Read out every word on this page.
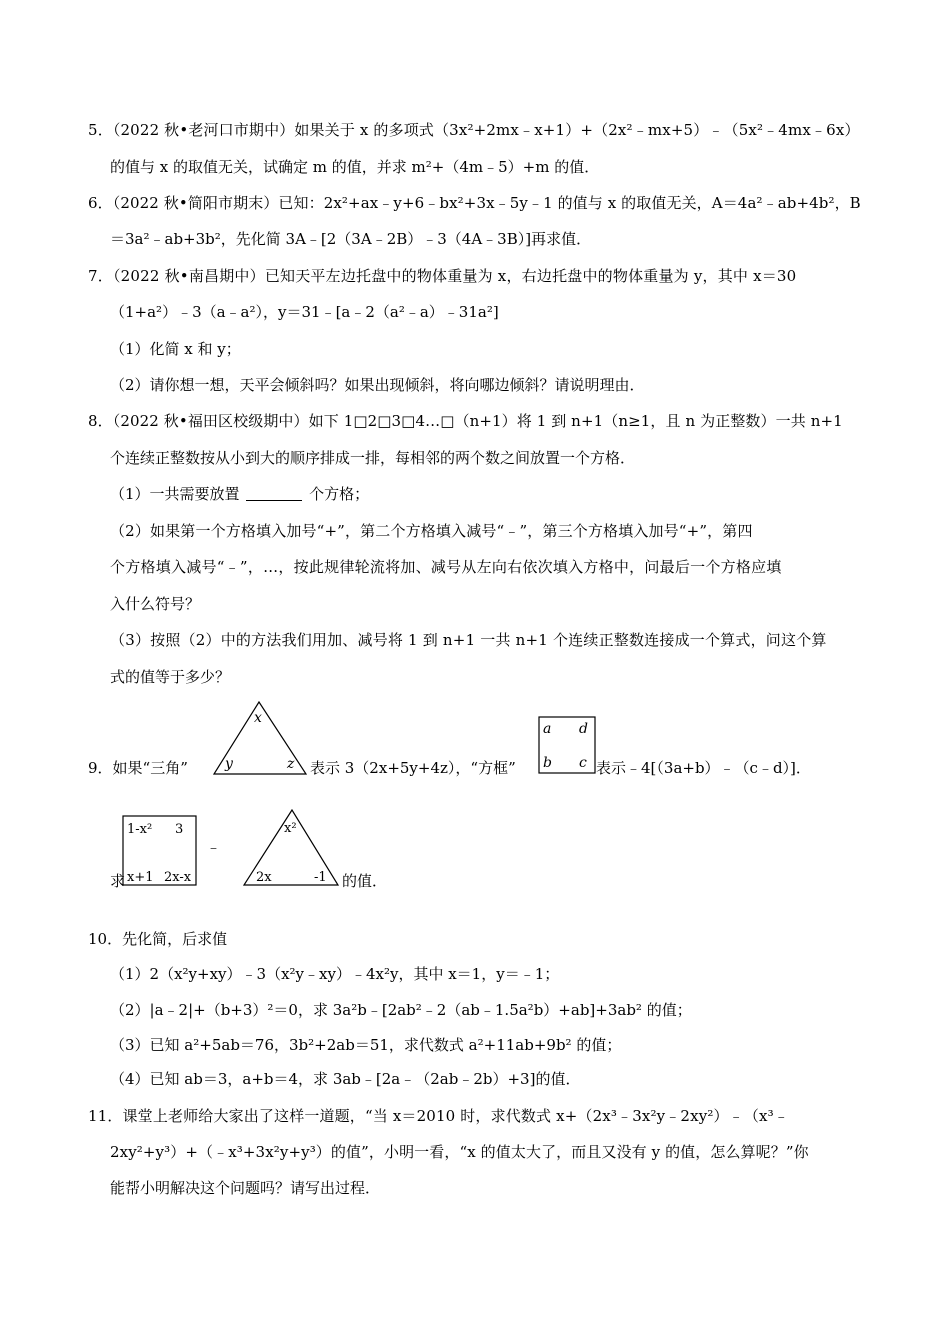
5．（2022 秋•老河口市期中）如果关于 x 的多项式（3x²+2mx﹣x+1）+（2x²﹣mx+5）﹣（5x²﹣4mx﹣6x）

的值与 x 的取值无关，试确定 m 的值，并求 m²+（4m﹣5）+m 的值．

6．（2022 秋•简阳市期末）已知：2x²+ax﹣y+6﹣bx²+3x﹣5y﹣1 的值与 x 的取值无关，A＝4a²﹣ab+4b²，B

＝3a²﹣ab+3b²，先化简 3A﹣[2（3A﹣2B）﹣3（4A﹣3B）]再求值．

7．（2022 秋•南昌期中）已知天平左边托盘中的物体重量为 x，右边托盘中的物体重量为 y，其中 x＝30

（1+a²）﹣3（a﹣a²），y＝31﹣[a﹣2（a²﹣a）﹣31a²]

（1）化简 x 和 y；

（2）请你想一想，天平会倾斜吗？如果出现倾斜，将向哪边倾斜？请说明理由．

8．（2022 秋•福田区校级期中）如下 1□2□3□4…□（n+1）将 1 到 n+1（n≥1，且 n 为正整数）一共 n+1

个连续正整数按从小到大的顺序排成一排，每相邻的两个数之间放置一个方格．

（1）一共需要放置	个方格；

（2）如果第一个方格填入加号“+”，第二个方格填入减号“﹣”，第三个方格填入加号“+”，第四

个方格填入减号“﹣”，…，按此规律轮流将加、减号从左向右依次填入方格中，问最后一个方格应填

入什么符号？

（3）按照（2）中的方法我们用加、减号将 1 到 n+1 一共 n+1 个连续正整数连接成一个算式，问这个算

式的值等于多少？

9．如果“三角”

x
y	z 表示 3（2x+5y+4z），“方框”

a d
b c 表示﹣4[（3a+b）﹣（c﹣d）]．

求

1-x² 3
x+1 2x-x

﹣

x²
2x	-1 的值．

10．先化简，后求值

（1）2（x²y+xy）﹣3（x²y﹣xy）﹣4x²y，其中 x＝1，y＝﹣1；

（2）|a﹣2|+（b+3）²＝0，求 3a²b﹣[2ab²﹣2（ab﹣1.5a²b）+ab]+3ab² 的值；

（3）已知 a²+5ab＝76，3b²+2ab＝51，求代数式 a²+11ab+9b² 的值；

（4）已知 ab＝3，a+b＝4，求 3ab﹣[2a﹣（2ab﹣2b）+3]的值．

11．课堂上老师给大家出了这样一道题，“当 x＝2010 时，求代数式 x+（2x³﹣3x²y﹣2xy²）﹣（x³﹣

2xy²+y³）+（﹣x³+3x²y+y³）的值”，小明一看，“x 的值太大了，而且又没有 y 的值，怎么算呢？”你

能帮小明解决这个问题吗？请写出过程．
